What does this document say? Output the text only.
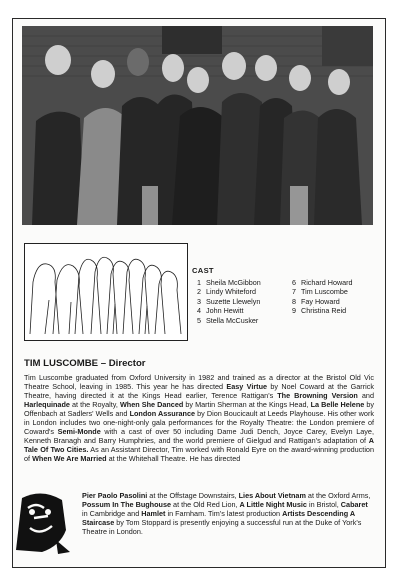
CAST
1 Sheila McGibbon
2 Lindy Whiteford
3 Suzette Llewelyn
4 John Hewitt
5 Stella McCusker
6 Richard Howard
7 Tim Luscombe
8 Fay Howard
9 Christina Reid
TIM LUSCOMBE – Director

Tim Luscombe graduated from Oxford University in 1982 and trained as a director at the Bristol Old Vic Theatre School, leaving in 1985. This year he has directed Easy Virtue by Noel Coward at the Garrick Theatre, having directed it at the Kings Head earlier, Terence Rattigan's The Browning Version and Harlequinade at the Royalty, When She Danced by Martin Sherman at the Kings Head, La Belle Helene by Offenbach at Sadlers' Wells and London Assurance by Dion Boucicault at Leeds Playhouse. His other work in London includes two one-night-only gala performances for the Royalty Theatre: the London premiere of Coward's Semi-Monde with a cast of over 50 including Dame Judi Dench, Joyce Carey, Evelyn Laye, Kenneth Branagh and Barry Humphries, and the world premiere of Gielgud and Rattigan's adaptation of A Tale Of Two Cities. As an Assistant Director, Tim worked with Ronald Eyre on the award-winning production of When We Are Married at the Whitehall Theatre. He has directed

Pier Paolo Pasolini at the Offstage Downstairs, Lies About Vietnam at the Oxford Arms, Possum In The Bughouse at the Old Red Lion, A Little Night Music in Bristol, Cabaret in Cambridge and Hamlet in Farnham. Tim's latest production Artists Descending A Staircase by Tom Stoppard is presently enjoying a successful run at the Duke of York's Theatre in London.
